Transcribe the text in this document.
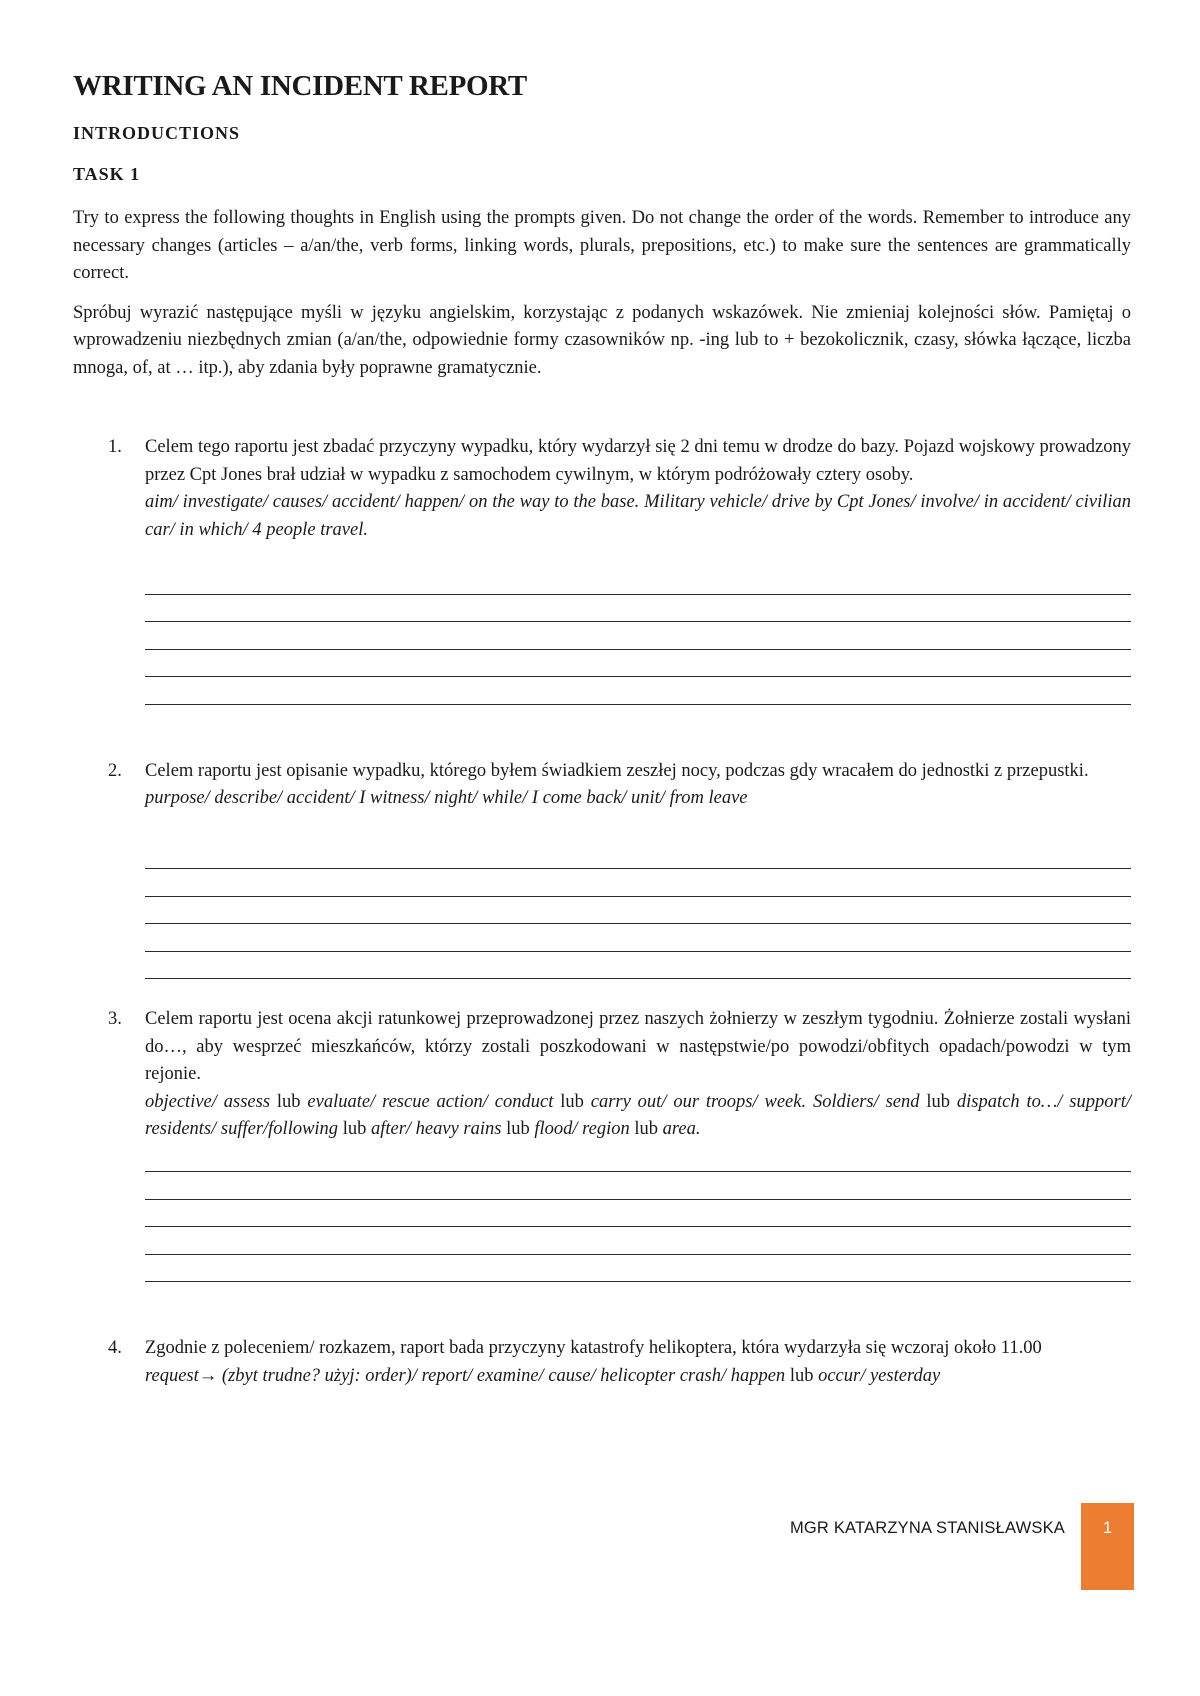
WRITING AN INCIDENT REPORT
INTRODUCTIONS
TASK 1

Try to express the following thoughts in English using the prompts given. Do not change the order of the words. Remember to introduce any necessary changes (articles – a/an/the, verb forms, linking words, plurals, prepositions, etc.) to make sure the sentences are grammatically correct.

Spróbuj wyrazić następujące myśli w języku angielskim, korzystając z podanych wskazówek. Nie zmieniaj kolejności słów. Pamiętaj o wprowadzeniu niezbędnych zmian (a/an/the, odpowiednie formy czasowników np. -ing lub to + bezokolicznik, czasy, słówka łączące, liczba mnoga, of, at … itp.), aby zdania były poprawne gramatycznie.

1. Celem tego raportu jest zbadać przyczyny wypadku, który wydarzył się 2 dni temu w drodze do bazy. Pojazd wojskowy prowadzony przez Cpt Jones brał udział w wypadku z samochodem cywilnym, w którym podróżowały cztery osoby.

aim/ investigate/ causes/ accident/ happen/ on the way to the base. Military vehicle/ drive by Cpt Jones/ involve/ in accident/ civilian car/ in which/ 4 people travel.

2. Celem raportu jest opisanie wypadku, którego byłem świadkiem zeszłej nocy, podczas gdy wracałem do jednostki z przepustki.

purpose/ describe/ accident/ I witness/ night/ while/ I come back/ unit/ from leave

3. Celem raportu jest ocena akcji ratunkowej przeprowadzonej przez naszych żołnierzy w zeszłym tygodniu. Żołnierze zostali wysłani do…, aby wesprzeć mieszkańców, którzy zostali poszkodowani w następstwie/po powodzi/obfitych opadach/powodzi w tym rejonie.

objective/ assess lub evaluate/ rescue action/ conduct lub carry out/ our troops/ week. Soldiers/ send lub dispatch to…/ support/ residents/ suffer/following lub after/ heavy rains lub flood/ region lub area.

4. Zgodnie z poleceniem/ rozkazem, raport bada przyczyny katastrofy helikoptera, która wydarzyła się wczoraj około 11.00

request→ (zbyt trudne? użyj: order)/ report/ examine/ cause/ helicopter crash/ happen lub occur/ yesterday

MGR KATARZYNA STANISŁAWSKA	1
